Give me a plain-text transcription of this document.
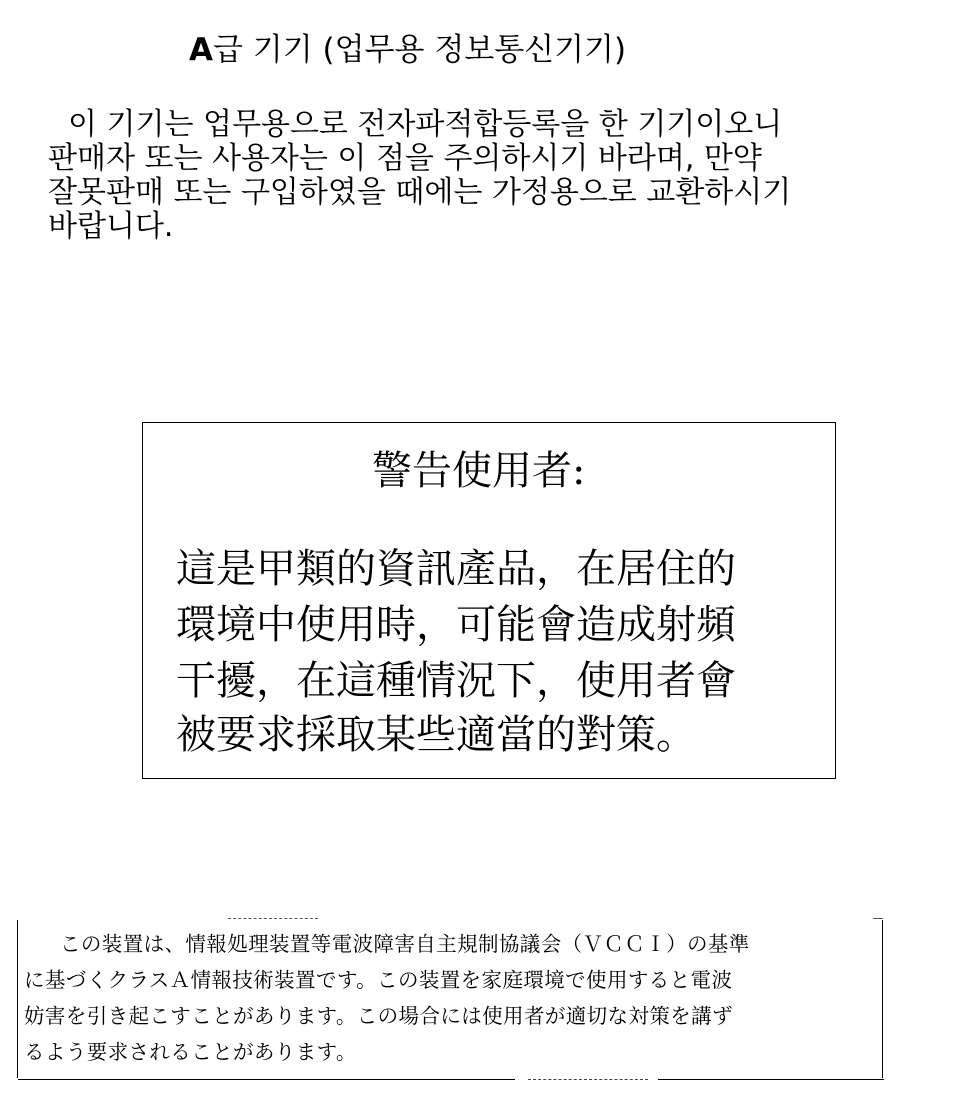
A급 기기 (업무용 정보통신기기)
이 기기는 업무용으로 전자파적합등록을 한 기기이오니
판매자 또는 사용자는 이 점을 주의하시기 바라며, 만약
잘못판매 또는 구입하였을 때에는 가정용으로 교환하시기
바랍니다.
警告使用者:
這是甲類的資訊產品，在居住的
環境中使用時，可能會造成射頻
干擾，在這種情況下，使用者會
被要求採取某些適當的對策。
この装置は、情報処理装置等電波障害自主規制協議会（ＶＣＣＩ）の基準
に基づくクラスＡ情報技術装置です。この装置を家庭環境で使用すると電波
妨害を引き起こすことがあります。この場合には使用者が適切な対策を講ず
るよう要求されることがあります。
